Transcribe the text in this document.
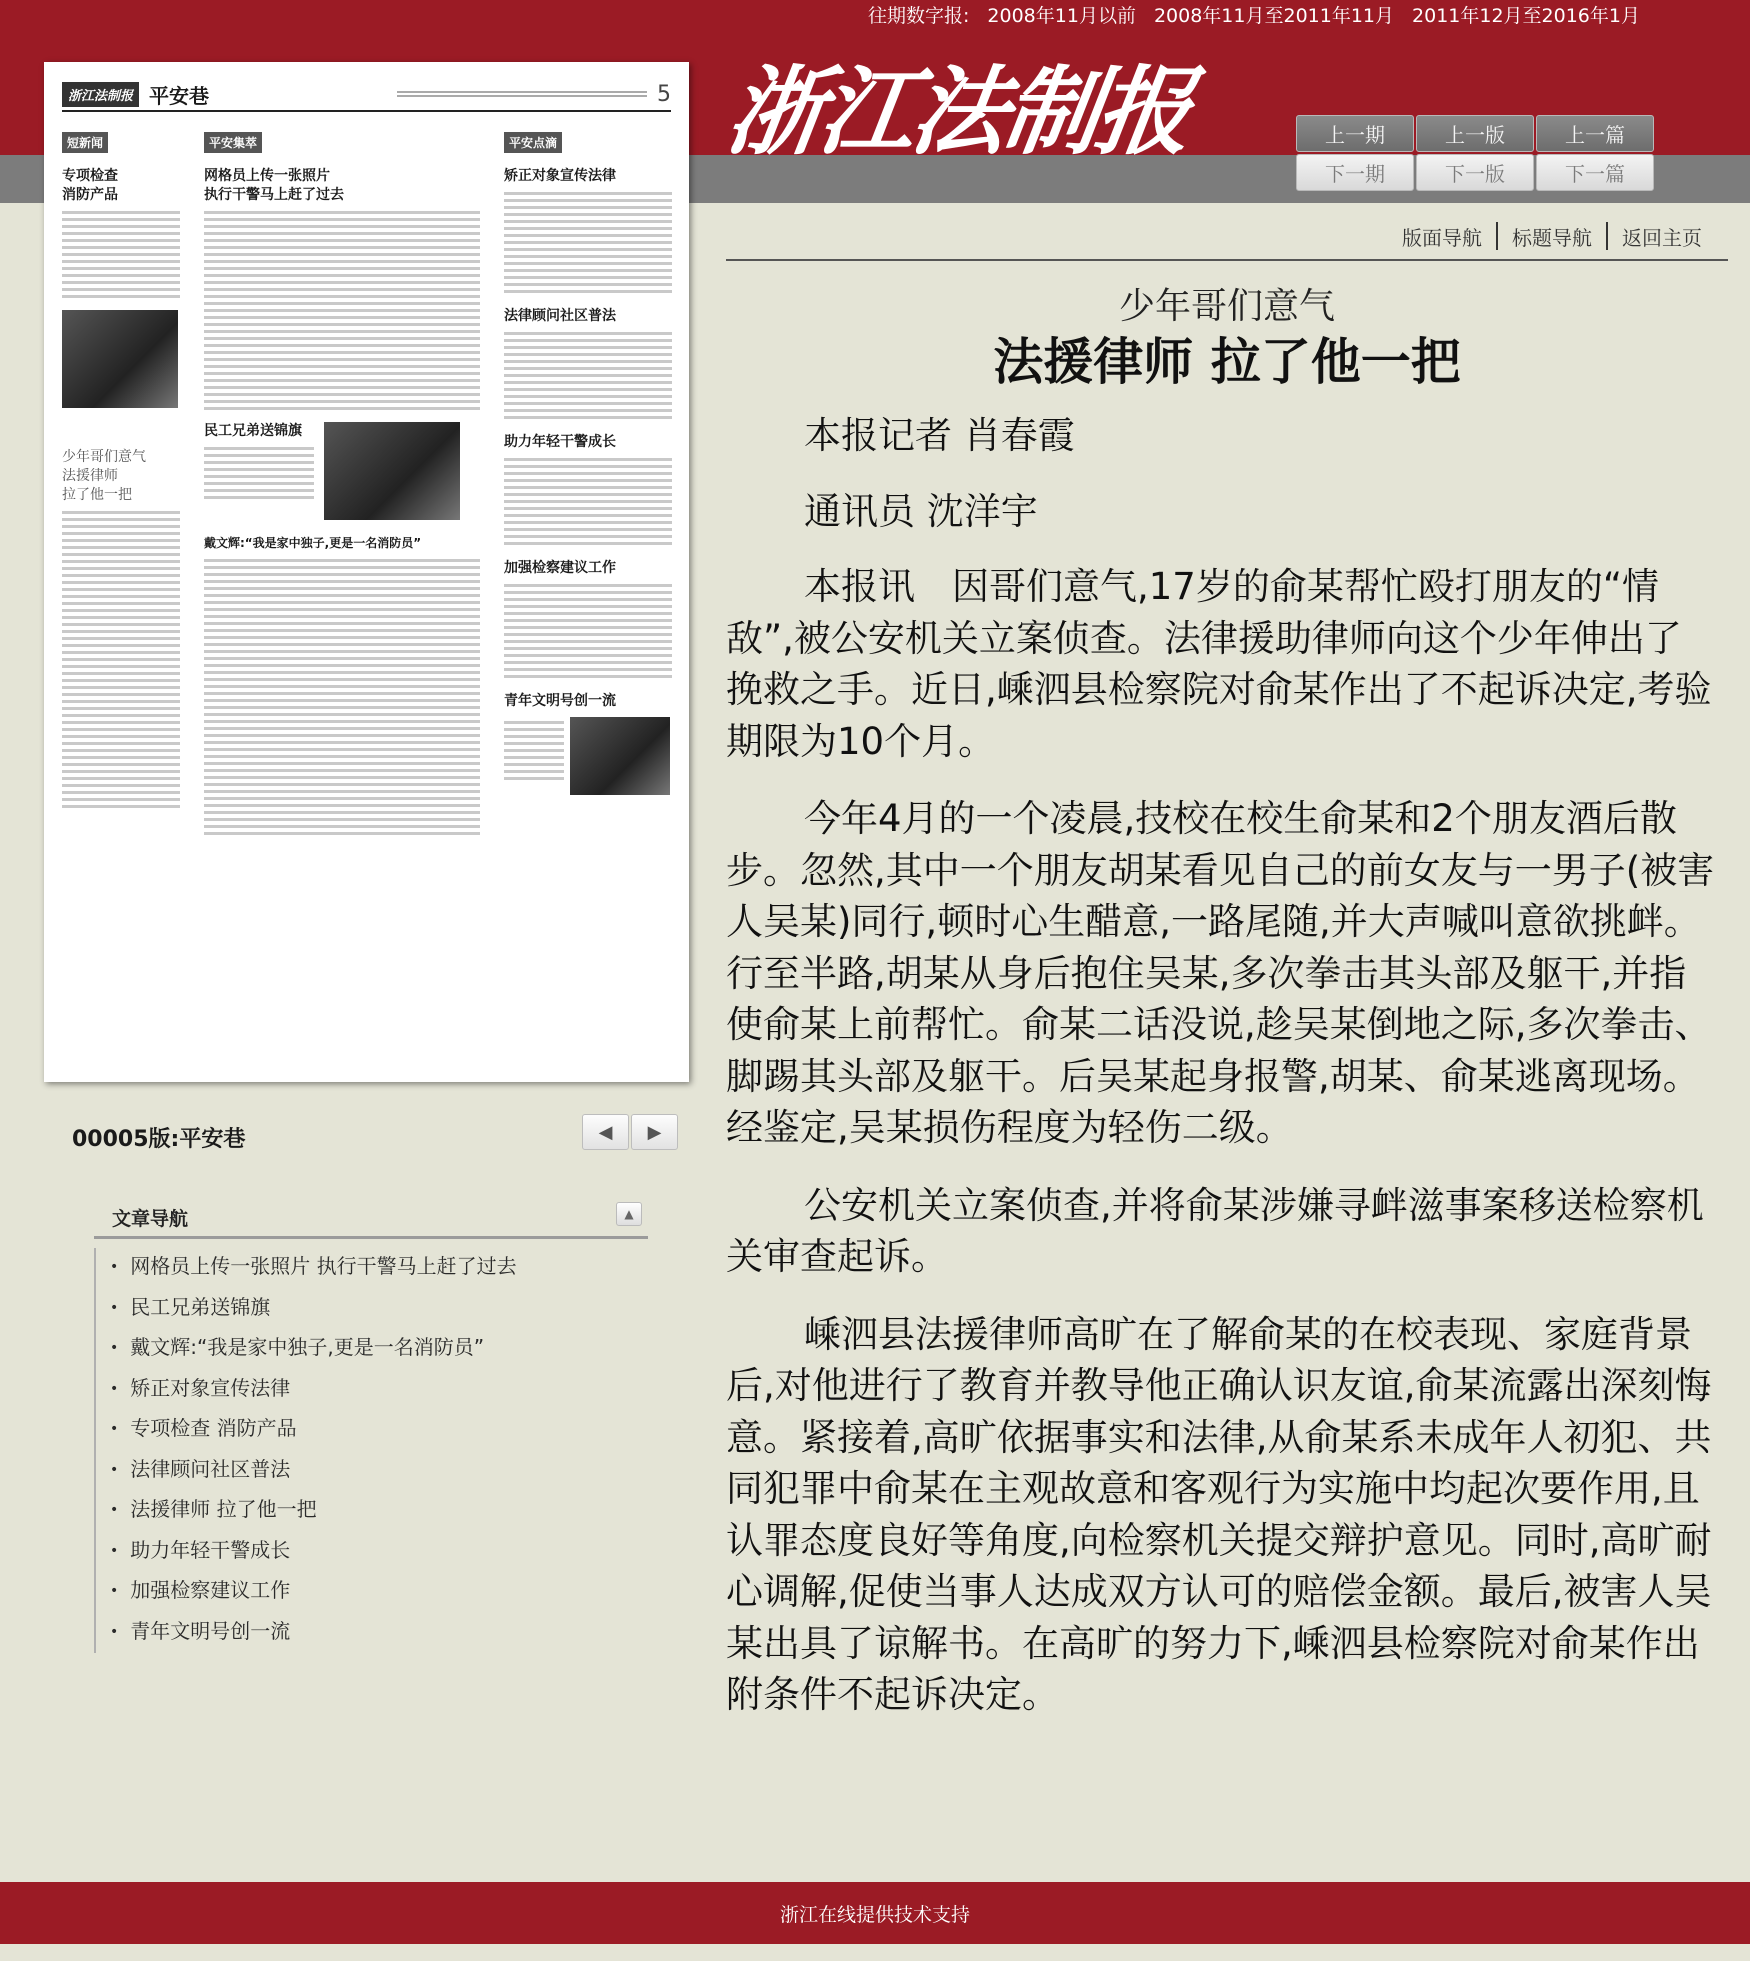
往期数字报: 2008年11月以前 2008年11月至2011年11月 2011年12月至2016年1月
浙江法制报	上一期	上一版	上一篇
下一期	下一版	下一篇
浙江法制报 平安巷	5
短新闻
专项检查
消防产品
少年哥们意气
法援律师
拉了他一把
平安集萃
网格员上传一张照片
执行干警马上赶了过去
民工兄弟送锦旗
戴文辉:“我是家中独子,更是一名消防员”
平安点滴
矫正对象宣传法律
法律顾问社区普法
助力年轻干警成长
加强检察建议工作
青年文明号创一流
00005版:平安巷	◀	▶
文章导航	▲
• 网格员上传一张照片 执行干警马上赶了过去
• 民工兄弟送锦旗
• 戴文辉:“我是家中独子,更是一名消防员”
• 矫正对象宣传法律
• 专项检查 消防产品
• 法律顾问社区普法
• 法援律师 拉了他一把
• 助力年轻干警成长
• 加强检察建议工作
• 青年文明号创一流
版面导航 标题导航 返回主页
少年哥们意气
法援律师 拉了他一把

本报记者 肖春霞

通讯员 沈洋宇

本报讯　因哥们意气,17岁的俞某帮忙殴打朋友的“情敌”,被公安机关立案侦查。法律援助律师向这个少年伸出了挽救之手。近日,嵊泗县检察院对俞某作出了不起诉决定,考验期限为10个月。

今年4月的一个凌晨,技校在校生俞某和2个朋友酒后散步。忽然,其中一个朋友胡某看见自己的前女友与一男子(被害人吴某)同行,顿时心生醋意,一路尾随,并大声喊叫意欲挑衅。行至半路,胡某从身后抱住吴某,多次拳击其头部及躯干,并指使俞某上前帮忙。俞某二话没说,趁吴某倒地之际,多次拳击、脚踢其头部及躯干。后吴某起身报警,胡某、俞某逃离现场。经鉴定,吴某损伤程度为轻伤二级。

公安机关立案侦查,并将俞某涉嫌寻衅滋事案移送检察机关审查起诉。

嵊泗县法援律师高旷在了解俞某的在校表现、家庭背景后,对他进行了教育并教导他正确认识友谊,俞某流露出深刻悔意。紧接着,高旷依据事实和法律,从俞某系未成年人初犯、共同犯罪中俞某在主观故意和客观行为实施中均起次要作用,且认罪态度良好等角度,向检察机关提交辩护意见。同时,高旷耐心调解,促使当事人达成双方认可的赔偿金额。最后,被害人吴某出具了谅解书。在高旷的努力下,嵊泗县检察院对俞某作出附条件不起诉决定。

浙江在线提供技术支持
